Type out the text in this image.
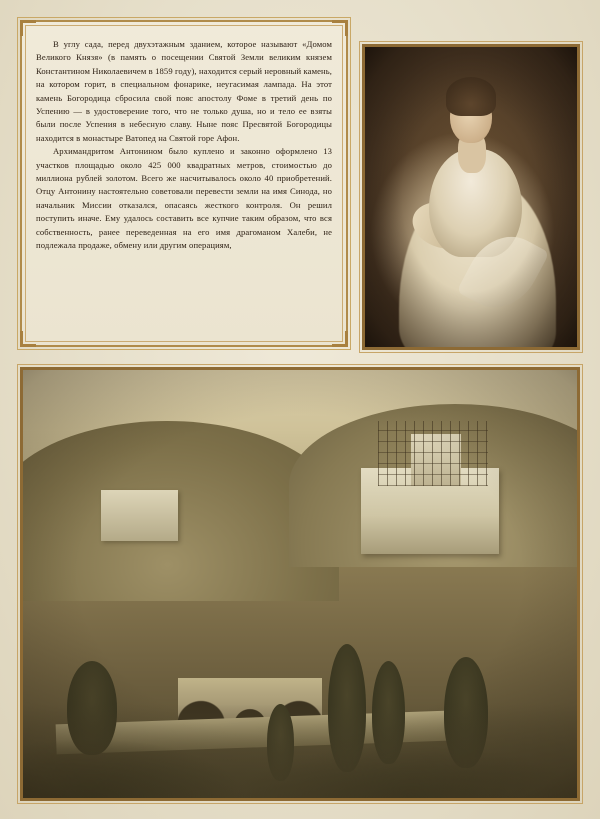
В углу сада, перед двухэтажным зданием, которое называют «Домом Великого Князя» (в память о посещении Святой Земли великим князем Константином Николаевичем в 1859 году), находится серый неровный камень, на котором горит, в специальном фонарике, неугасимая лампада. На этот камень Богородица сбросила свой пояс апостолу Фоме в третий день по Успению — в удостоверение того, что не только душа, но и тело ее взяты были после Успения в небесную славу. Ныне пояс Пресвятой Богородицы находится в монастыре Ватопед на Святой горе Афон.

Архимандритом Антонином было куплено и законно оформлено 13 участков площадью около 425 000 квадратных метров, стоимостью до миллиона рублей золотом. Всего же насчитывалось около 40 приобретений. Отцу Антонину настоятельно советовали перевести земли на имя Синода, но начальник Миссии отказался, опасаясь жесткого контроля. Он решил поступить иначе. Ему удалось составить все купчие таким образом, что вся собственность, ранее переведенная на его имя драгоманом Халеби, не подлежала продаже, обмену или другим операциям,
